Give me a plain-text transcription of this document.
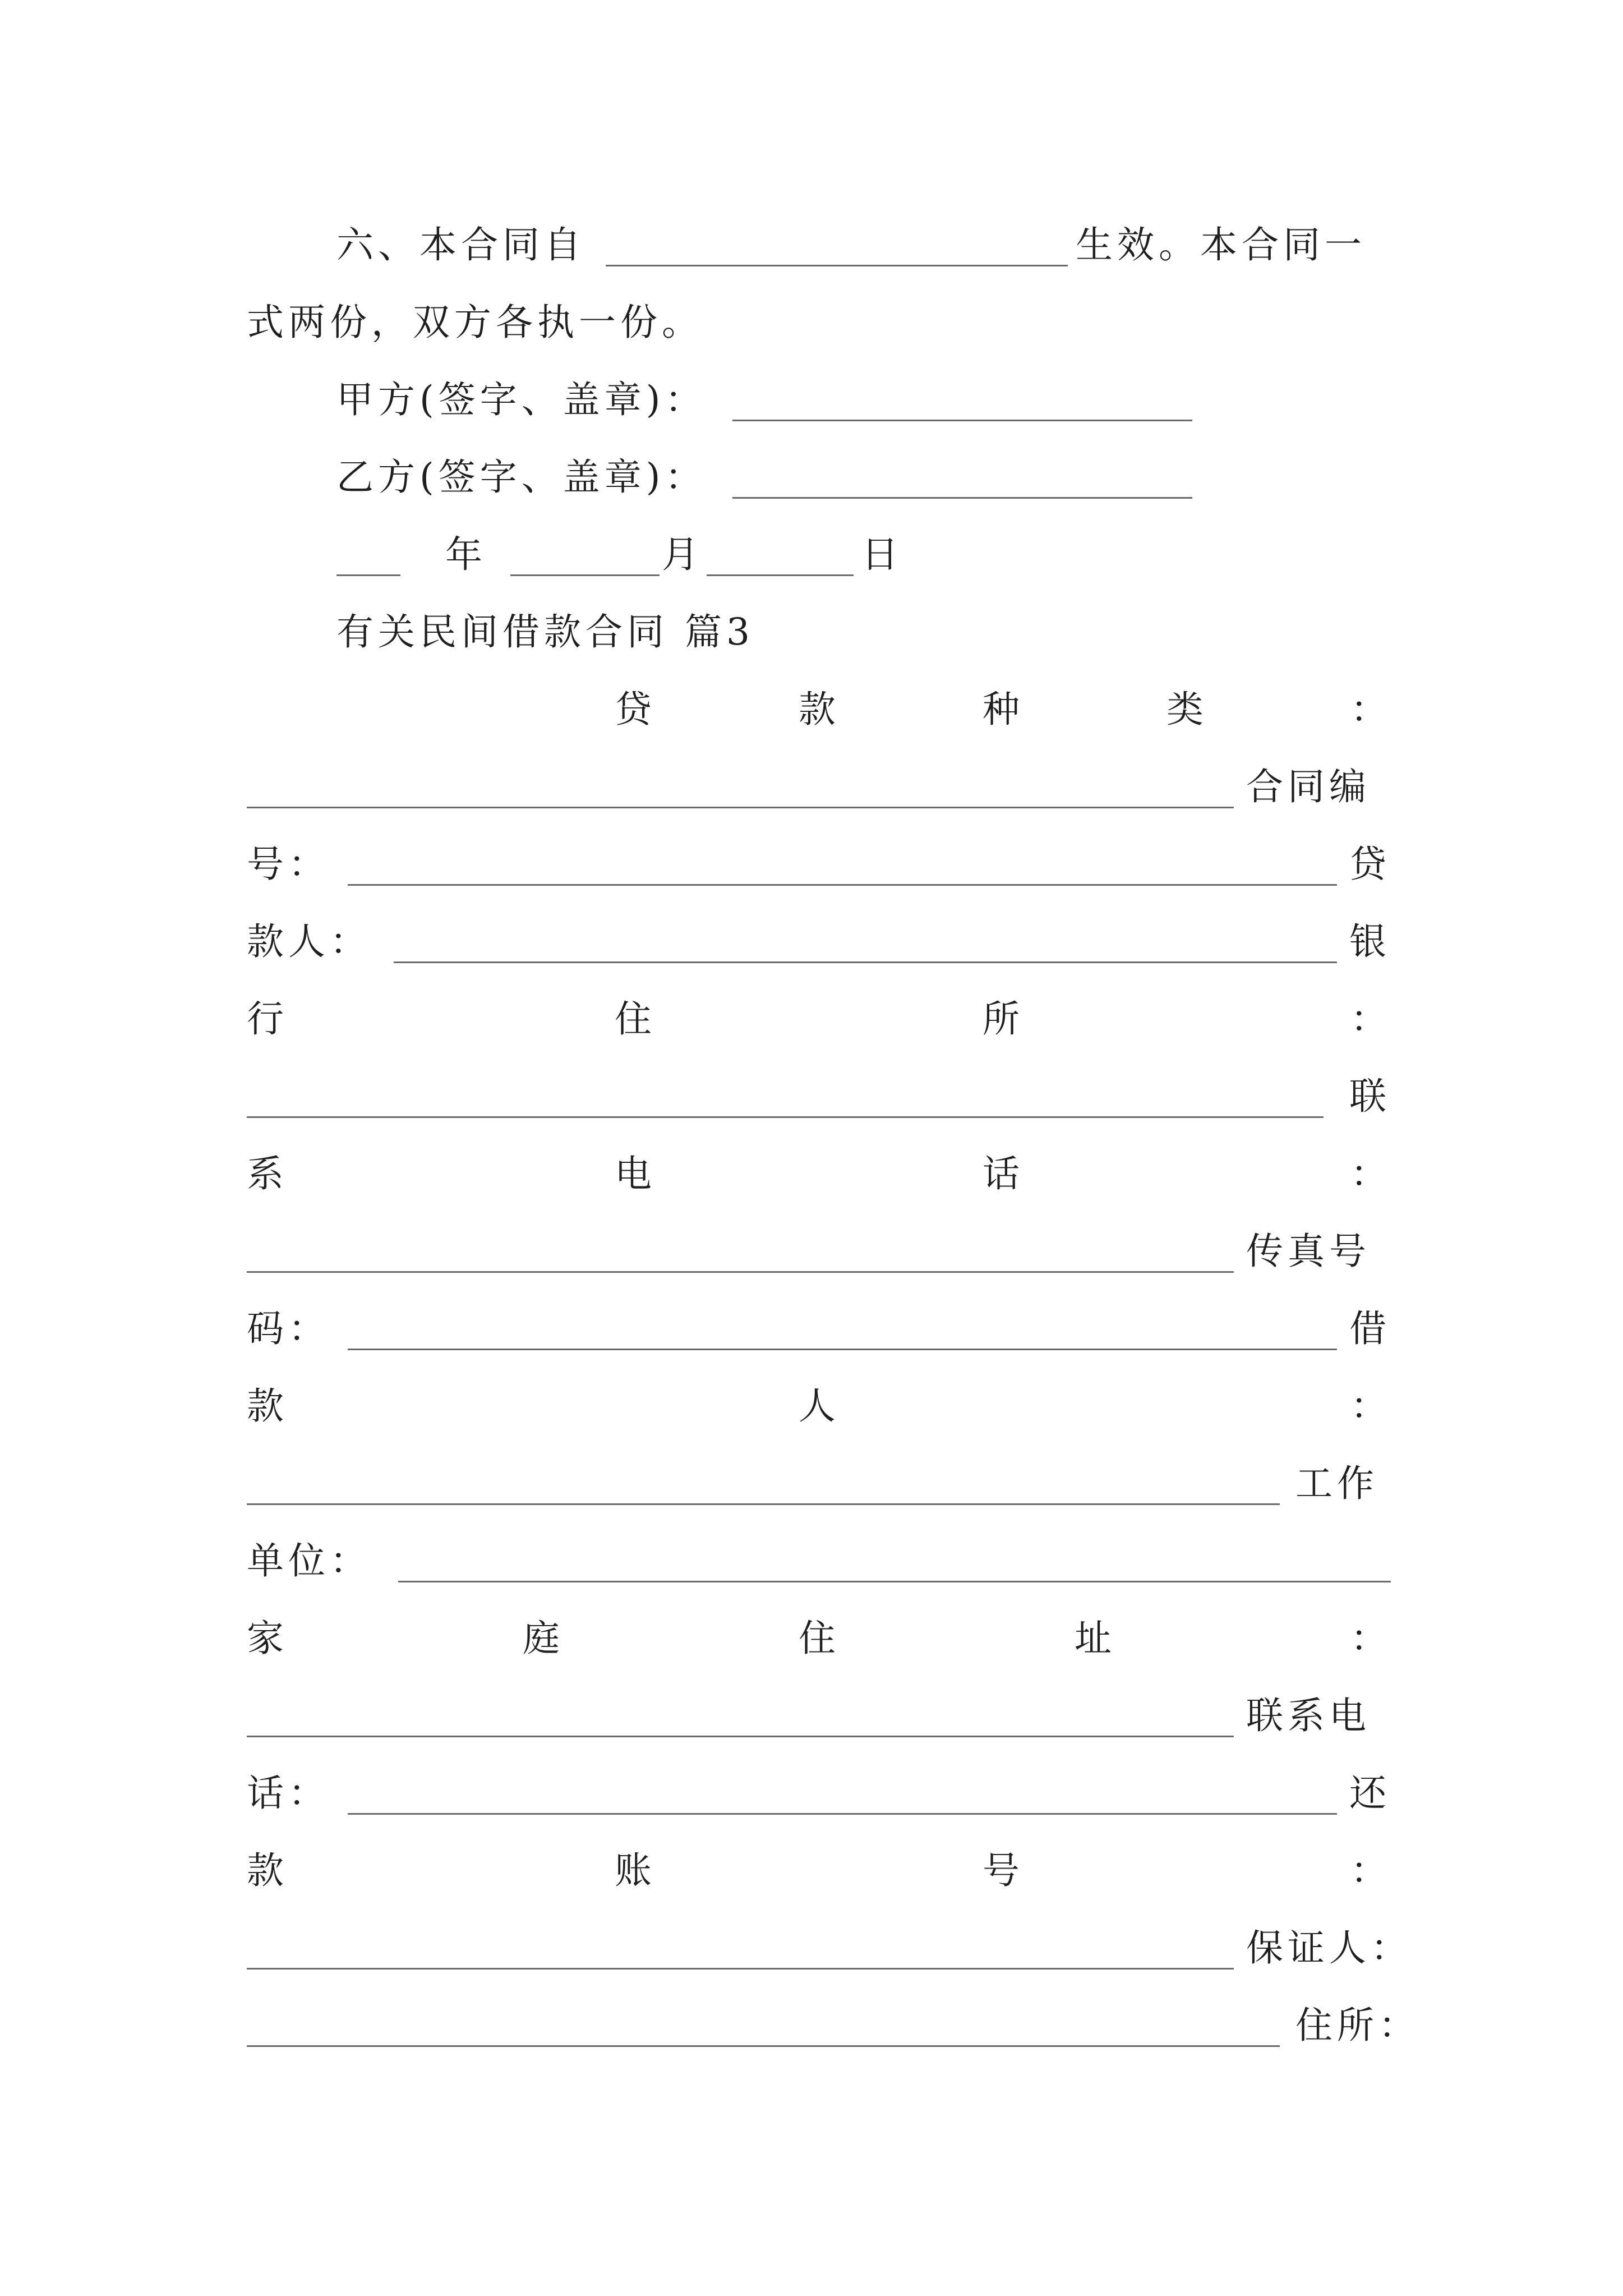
六、本合同自	生效。本合同一
式两份，双方各执一份。
甲方(签字、盖章)：
乙方(签字、盖章)：
年	月	日
有关民间借款合同 篇3
贷	款	种	类	：
合同编
号：	贷
款人：	银
行	住	所	：
联
系	电	话	：
传真号
码：	借
款	人	：
工作
单位：
家	庭	住	址	：
联系电
话：	还
款	账	号	：
保证人：
住所：
